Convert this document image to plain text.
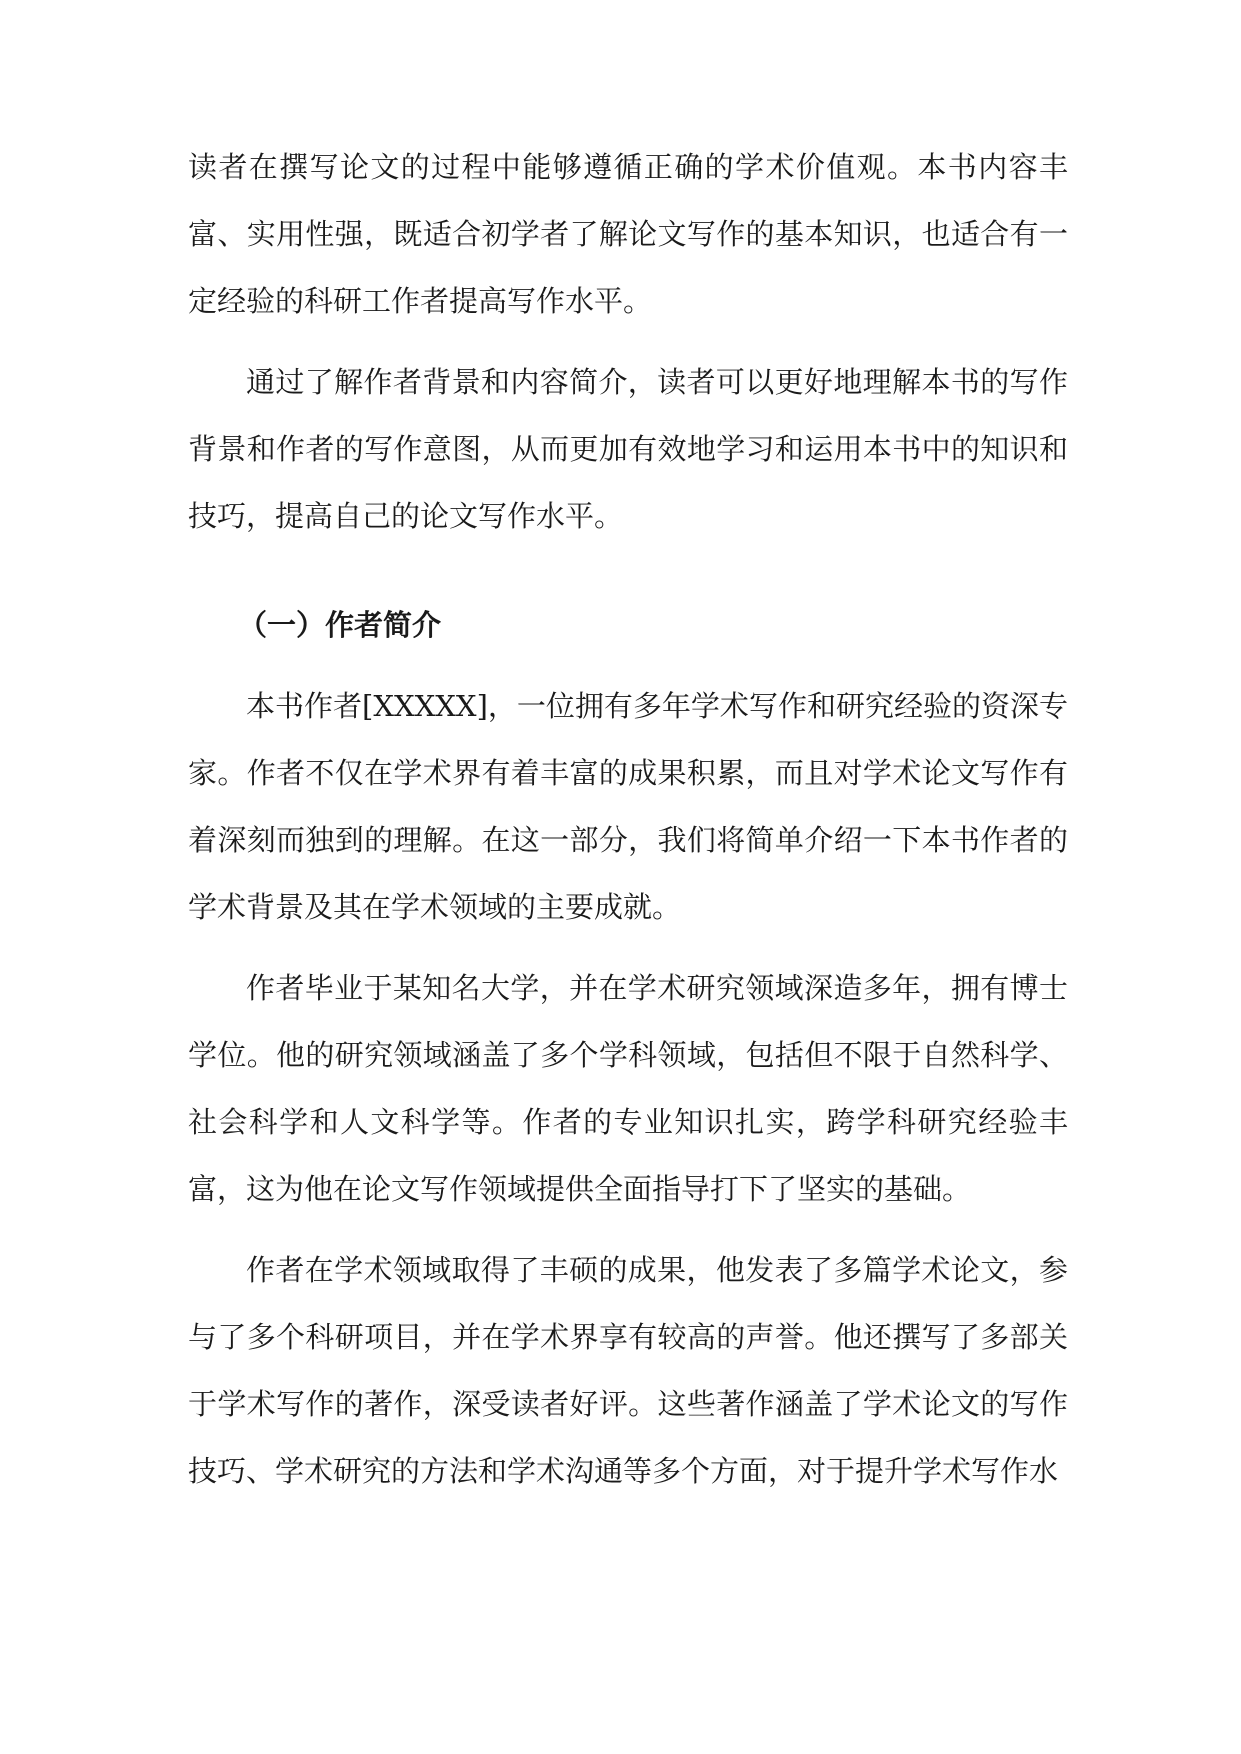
读者在撰写论文的过程中能够遵循正确的学术价值观。本书内容丰富、实用性强，既适合初学者了解论文写作的基本知识，也适合有一定经验的科研工作者提高写作水平。

通过了解作者背景和内容简介，读者可以更好地理解本书的写作背景和作者的写作意图，从而更加有效地学习和运用本书中的知识和技巧，提高自己的论文写作水平。

（一）作者简介

本书作者[XXXXX]，一位拥有多年学术写作和研究经验的资深专家。作者不仅在学术界有着丰富的成果积累，而且对学术论文写作有着深刻而独到的理解。在这一部分，我们将简单介绍一下本书作者的学术背景及其在学术领域的主要成就。

作者毕业于某知名大学，并在学术研究领域深造多年，拥有博士学位。他的研究领域涵盖了多个学科领域，包括但不限于自然科学、社会科学和人文科学等。作者的专业知识扎实，跨学科研究经验丰富，这为他在论文写作领域提供全面指导打下了坚实的基础。

作者在学术领域取得了丰硕的成果，他发表了多篇学术论文，参与了多个科研项目，并在学术界享有较高的声誉。他还撰写了多部关于学术写作的著作，深受读者好评。这些著作涵盖了学术论文的写作技巧、学术研究的方法和学术沟通等多个方面，对于提升学术写作水
